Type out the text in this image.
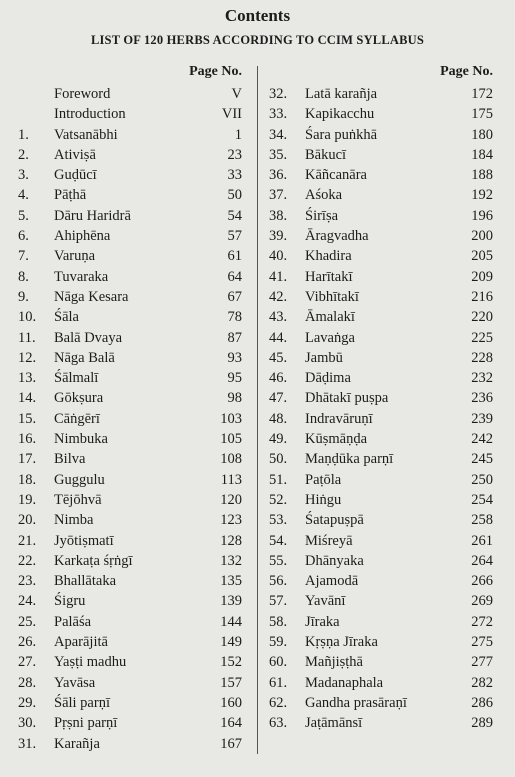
Contents
LIST OF 120 HERBS ACCORDING TO CCIM SYLLABUS
Page No.
Foreword	V
Introduction	VII
1. Vatsanābhi	1
2. Ativiṣā	23
3. Guḍūcī	33
4. Pāṭhā	50
5. Dāru Haridrā	54
6. Ahiphēna	57
7. Varuṇa	61
8. Tuvaraka	64
9. Nāga Kesara	67
10. Śāla	78
11. Balā Dvaya	87
12. Nāga Balā	93
13. Śālmalī	95
14. Gōkṣura	98
15. Cāṅgērī	103
16. Nimbuka	105
17. Bilva	108
18. Guggulu	113
19. Tējōhvā	120
20. Nimba	123
21. Jyōtiṣmatī	128
22. Karkaṭa śṛṅgī	132
23. Bhallātaka	135
24. Śigru	139
25. Palāśa	144
26. Aparājitā	149
27. Yaṣṭi madhu	152
28. Yavāsa	157
29. Śāli parṇī	160
30. Pṛṣni parṇī	164
31. Karañja	167
Page No.
32. Latā karañja	172
33. Kapikacchu	175
34. Śara puṅkhā	180
35. Bākucī	184
36. Kāñcanāra	188
37. Aśoka	192
38. Śirīṣa	196
39. Āragvadha	200
40. Khadira	205
41. Harītakī	209
42. Vibhītakī	216
43. Āmalakī	220
44. Lavaṅga	225
45. Jambū	228
46. Dāḍima	232
47. Dhātakī puṣpa	236
48. Indravāruṇī	239
49. Kūṣmāṇḍa	242
50. Maṇḍūka parṇī	245
51. Paṭōla	250
52. Hiṅgu	254
53. Śatapuṣpā	258
54. Miśreyā	261
55. Dhānyaka	264
56. Ajamodā	266
57. Yavānī	269
58. Jīraka	272
59. Kṛṣṇa Jīraka	275
60. Mañjiṣṭhā	277
61. Madanaphala	282
62. Gandha prasāraṇī	286
63. Jaṭāmānsī	289
